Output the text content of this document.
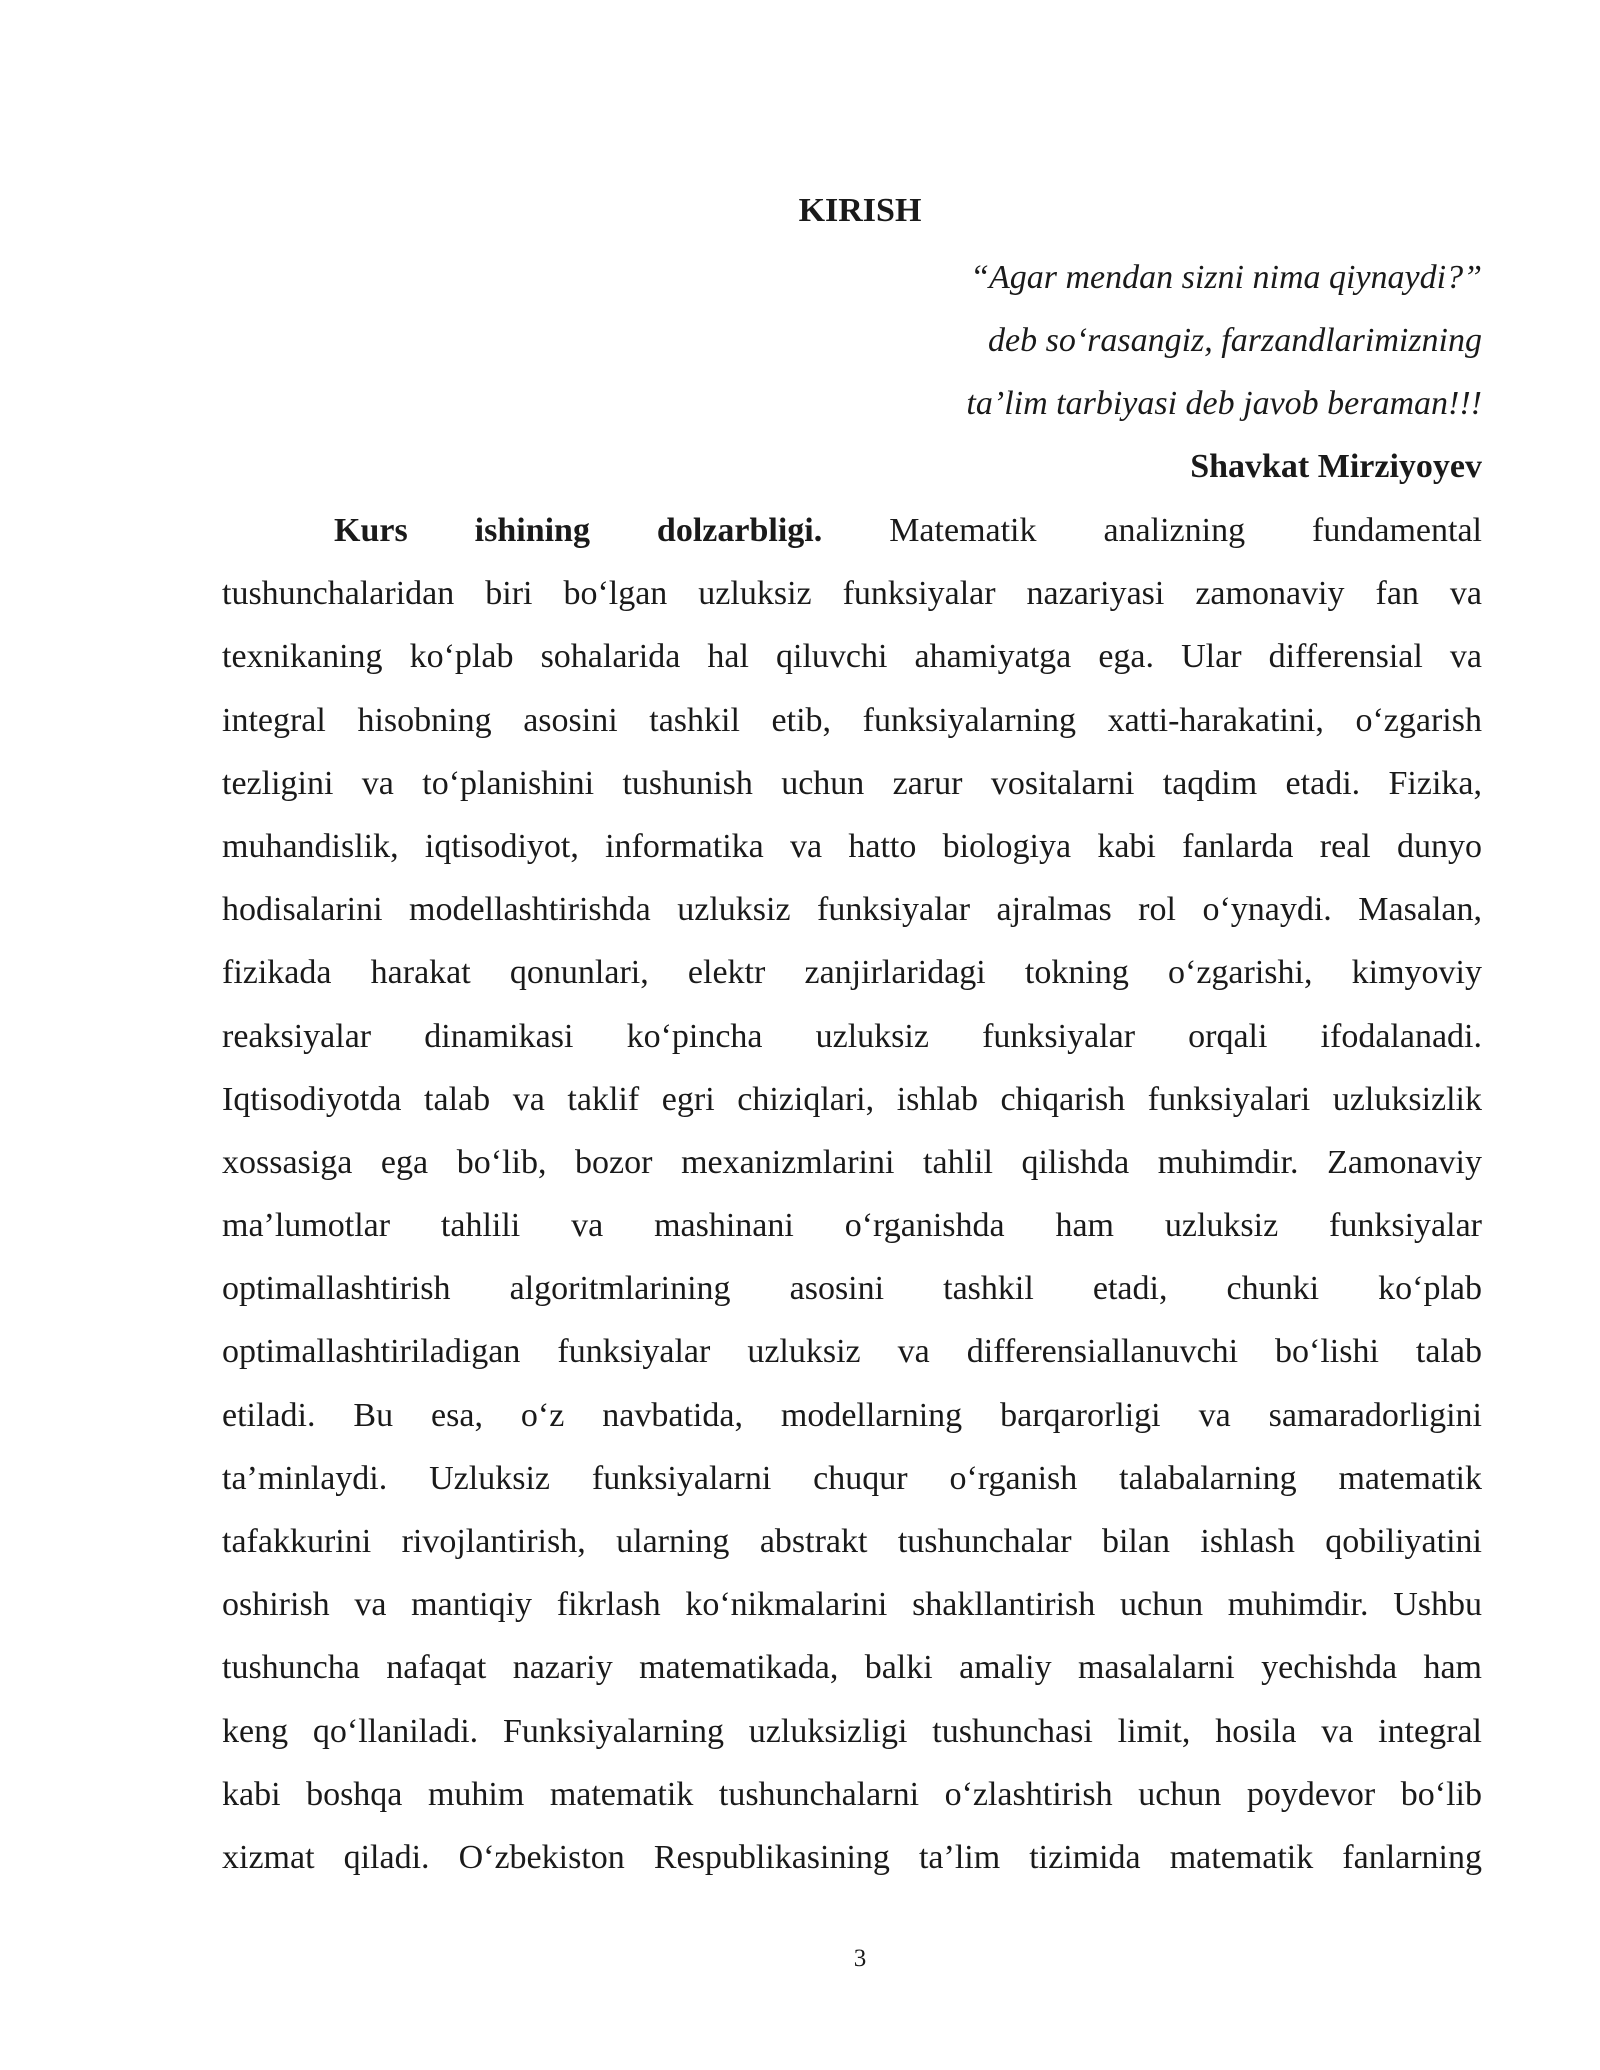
KIRISH
“Agar mendan sizni nima qiynaydi?”
deb so‘rasangiz, farzandlarimizning
ta’lim tarbiyasi deb javob beraman!!!
Shavkat Mirziyoyev
Kurs ishining dolzarbligi. Matematik analizning fundamental
tushunchalaridan biri bo‘lgan uzluksiz funksiyalar nazariyasi zamonaviy fan va
texnikaning ko‘plab sohalarida hal qiluvchi ahamiyatga ega. Ular differensial va
integral hisobning asosini tashkil etib, funksiyalarning xatti-harakatini, o‘zgarish
tezligini va to‘planishini tushunish uchun zarur vositalarni taqdim etadi. Fizika,
muhandislik, iqtisodiyot, informatika va hatto biologiya kabi fanlarda real dunyo
hodisalarini modellashtirishda uzluksiz funksiyalar ajralmas rol o‘ynaydi. Masalan,
fizikada harakat qonunlari, elektr zanjirlaridagi tokning o‘zgarishi, kimyoviy
reaksiyalar dinamikasi ko‘pincha uzluksiz funksiyalar orqali ifodalanadi.
Iqtisodiyotda talab va taklif egri chiziqlari, ishlab chiqarish funksiyalari uzluksizlik
xossasiga ega bo‘lib, bozor mexanizmlarini tahlil qilishda muhimdir. Zamonaviy
ma’lumotlar tahlili va mashinani o‘rganishda ham uzluksiz funksiyalar
optimallashtirish algoritmlarining asosini tashkil etadi, chunki ko‘plab
optimallashtiriladigan funksiyalar uzluksiz va differensiallanuvchi bo‘lishi talab
etiladi. Bu esa, o‘z navbatida, modellarning barqarorligi va samaradorligini
ta’minlaydi. Uzluksiz funksiyalarni chuqur o‘rganish talabalarning matematik
tafakkurini rivojlantirish, ularning abstrakt tushunchalar bilan ishlash qobiliyatini
oshirish va mantiqiy fikrlash ko‘nikmalarini shakllantirish uchun muhimdir. Ushbu
tushuncha nafaqat nazariy matematikada, balki amaliy masalalarni yechishda ham
keng qo‘llaniladi. Funksiyalarning uzluksizligi tushunchasi limit, hosila va integral
kabi boshqa muhim matematik tushunchalarni o‘zlashtirish uchun poydevor bo‘lib
xizmat qiladi. O‘zbekiston Respublikasining ta’lim tizimida matematik fanlarning
3
